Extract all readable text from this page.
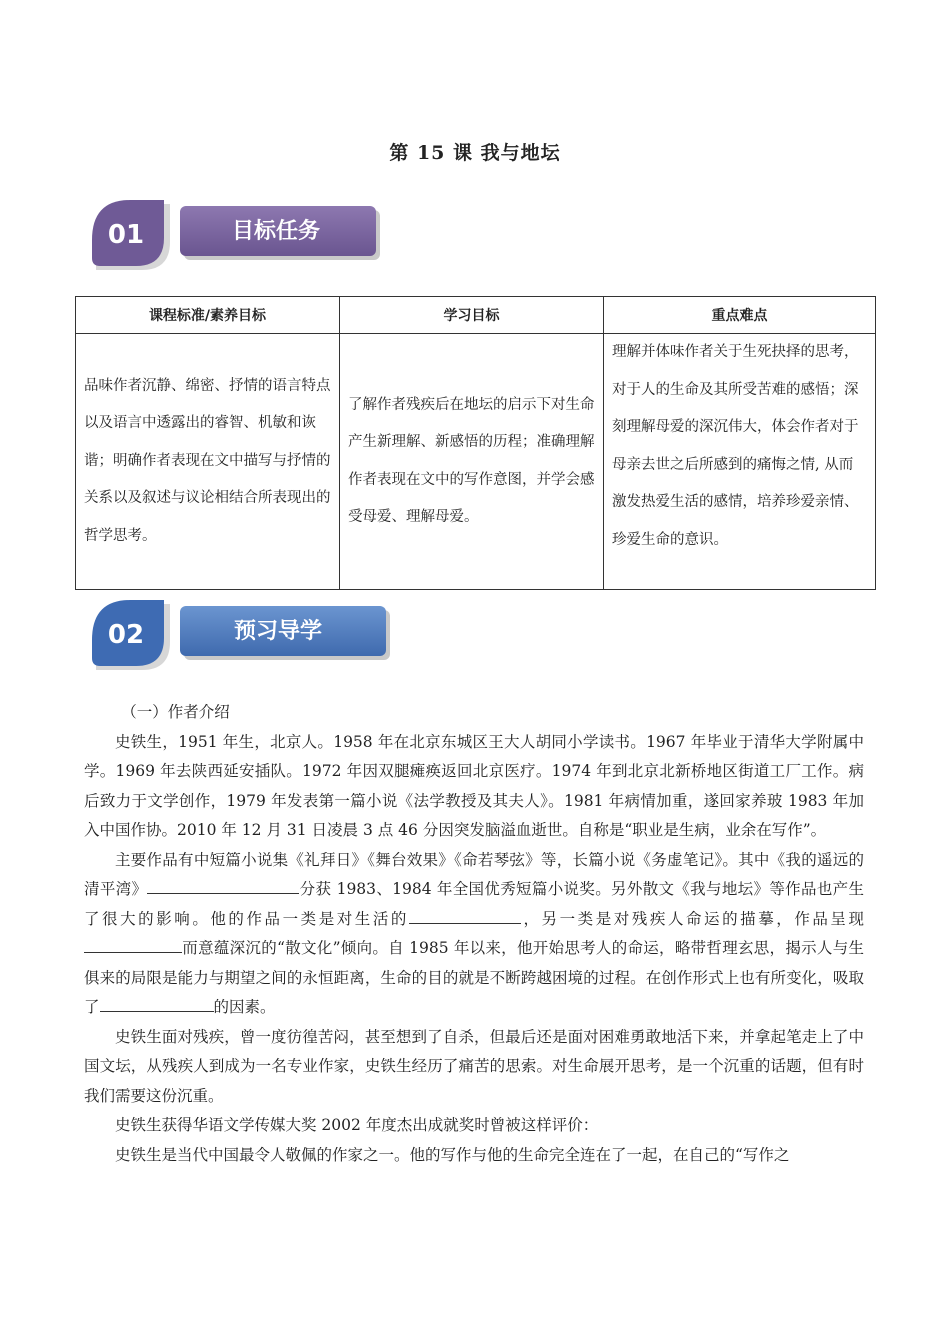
第 15 课 我与地坛
01	目标任务
课程标准/素养目标	学习目标	重点难点
品味作者沉静、绵密、抒情的语言特点以及语言中透露出的睿智、机敏和诙谐；明确作者表现在文中描写与抒情的关系以及叙述与议论相结合所表现出的哲学思考。	了解作者残疾后在地坛的启示下对生命产生新理解、新感悟的历程；准确理解作者表现在文中的写作意图，并学会感受母爱、理解母爱。	理解并体味作者关于生死抉择的思考，对于人的生命及其所受苦难的感悟；深刻理解母爱的深沉伟大，体会作者对于母亲去世之后所感到的痛悔之情, 从而激发热爱生活的感情，培养珍爱亲情、珍爱生命的意识。
02	预习导学

（一）作者介绍

史铁生，1951 年生，北京人。1958 年在北京东城区王大人胡同小学读书。1967 年毕业于清华大学附属中学。1969 年去陕西延安插队。1972 年因双腿瘫痪返回北京医疗。1974 年到北京北新桥地区街道工厂工作。病后致力于文学创作，1979 年发表第一篇小说《法学教授及其夫人》。1981 年病情加重，遂回家养玻 1983 年加入中国作协。2010 年 12 月 31 日凌晨 3 点 46 分因突发脑溢血逝世。自称是“职业是生病，业余在写作”。

主要作品有中短篇小说集《礼拜日》《舞台效果》《命若琴弦》等，长篇小说《务虚笔记》。其中《我的遥远的清平湾》	分获 1983、1984 年全国优秀短篇小说奖。另外散文《我与地坛》等作品也产生了很大的影响。他的作品一类是对生活的	，另一类是对残疾人命运的描摹，作品呈现 而意蕴深沉的“散文化”倾向。自 1985 年以来，他开始思考人的命运，略带哲理玄思，揭示人与生俱来的局限是能力与期望之间的永恒距离，生命的目的就是不断跨越困境的过程。在创作形式上也有所变化，吸取了	的因素。

史铁生面对残疾，曾一度彷徨苦闷，甚至想到了自杀，但最后还是面对困难勇敢地活下来，并拿起笔走上了中国文坛，从残疾人到成为一名专业作家，史铁生经历了痛苦的思索。对生命展开思考，是一个沉重的话题，但有时我们需要这份沉重。

史铁生获得华语文学传媒大奖 2002 年度杰出成就奖时曾被这样评价：

史铁生是当代中国最令人敬佩的作家之一。他的写作与他的生命完全连在了一起，在自己的“写作之
